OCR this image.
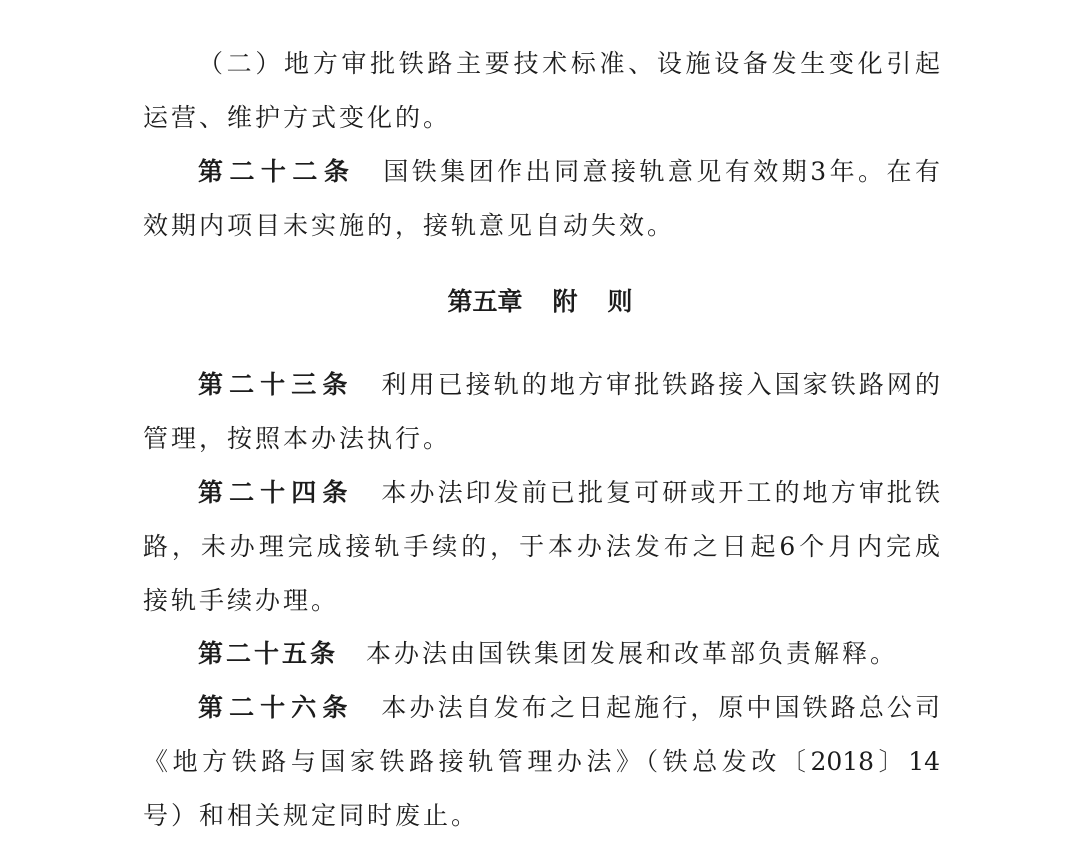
（二）地方审批铁路主要技术标准、设施设备发生变化引起
运营、维护方式变化的。
第二十二条 国铁集团作出同意接轨意见有效期3年。在有
效期内项目未实施的，接轨意见自动失效。
第五章 附 则
第二十三条 利用已接轨的地方审批铁路接入国家铁路网的
管理，按照本办法执行。
第二十四条 本办法印发前已批复可研或开工的地方审批铁
路，未办理完成接轨手续的，于本办法发布之日起6个月内完成
接轨手续办理。
第二十五条 本办法由国铁集团发展和改革部负责解释。
第二十六条 本办法自发布之日起施行，原中国铁路总公司
《地方铁路与国家铁路接轨管理办法》（铁总发改〔2018〕14
号）和相关规定同时废止。
